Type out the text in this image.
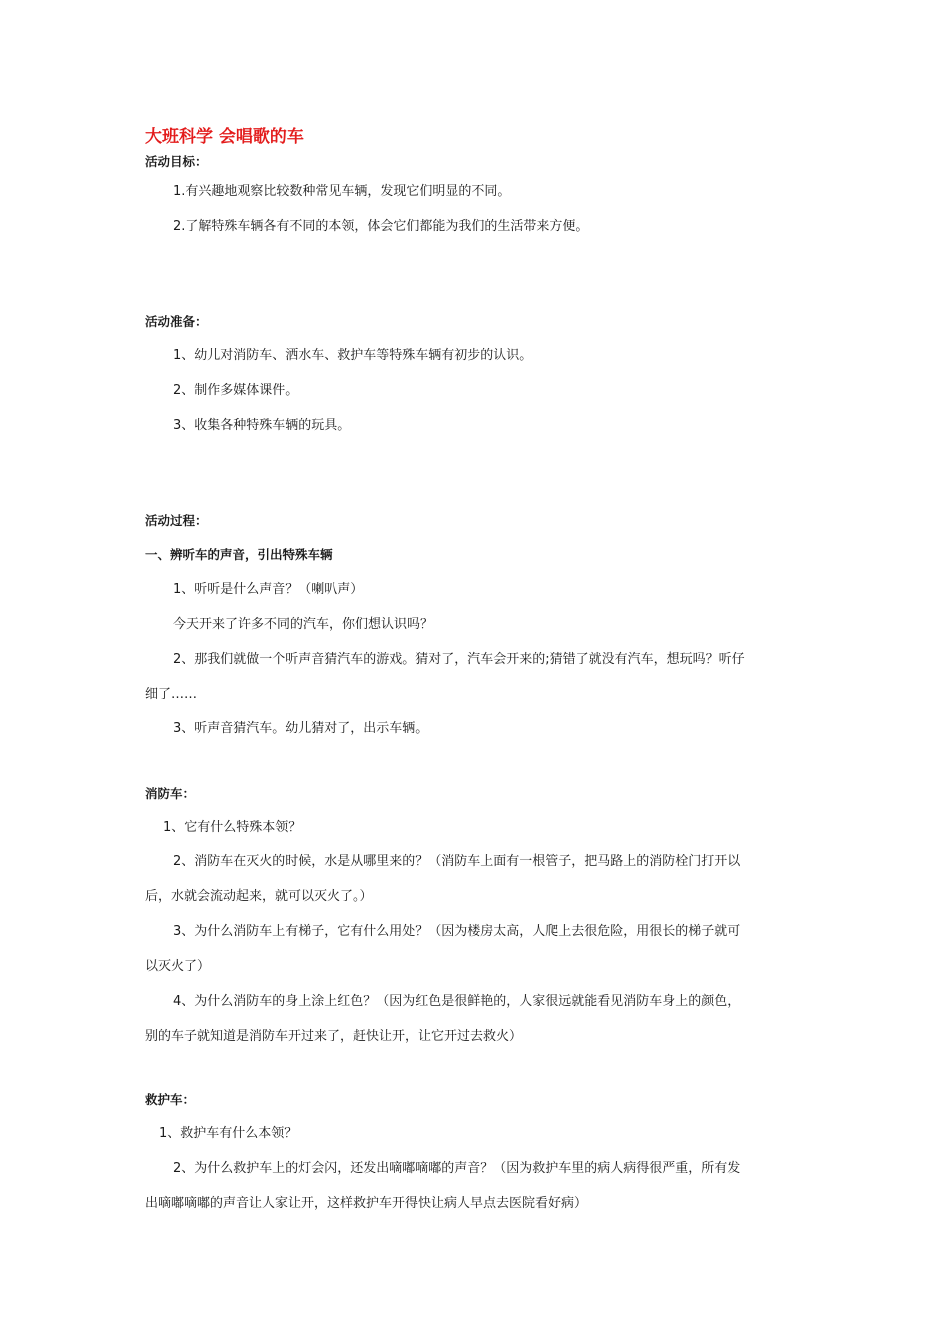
大班科学 会唱歌的车
活动目标：
1.有兴趣地观察比较数种常见车辆，发现它们明显的不同。
2.了解特殊车辆各有不同的本领，体会它们都能为我们的生活带来方便。
活动准备：
1、幼儿对消防车、洒水车、救护车等特殊车辆有初步的认识。
2、制作多媒体课件。
3、收集各种特殊车辆的玩具。
活动过程：
一、辨听车的声音，引出特殊车辆
1、听听是什么声音？（喇叭声）
今天开来了许多不同的汽车，你们想认识吗？
2、那我们就做一个听声音猜汽车的游戏。猜对了，汽车会开来的;猜错了就没有汽车，想玩吗？听仔
细了……
3、听声音猜汽车。幼儿猜对了，出示车辆。
消防车：
1、它有什么特殊本领？
2、消防车在灭火的时候，水是从哪里来的？（消防车上面有一根管子，把马路上的消防栓门打开以
后，水就会流动起来，就可以灭火了。）
3、为什么消防车上有梯子，它有什么用处？（因为楼房太高，人爬上去很危险，用很长的梯子就可
以灭火了）
4、为什么消防车的身上涂上红色？（因为红色是很鲜艳的，人家很远就能看见消防车身上的颜色，
别的车子就知道是消防车开过来了，赶快让开，让它开过去救火）
救护车：
1、救护车有什么本领？
2、为什么救护车上的灯会闪，还发出嘀嘟嘀嘟的声音？（因为救护车里的病人病得很严重，所有发
出嘀嘟嘀嘟的声音让人家让开，这样救护车开得快让病人早点去医院看好病）
